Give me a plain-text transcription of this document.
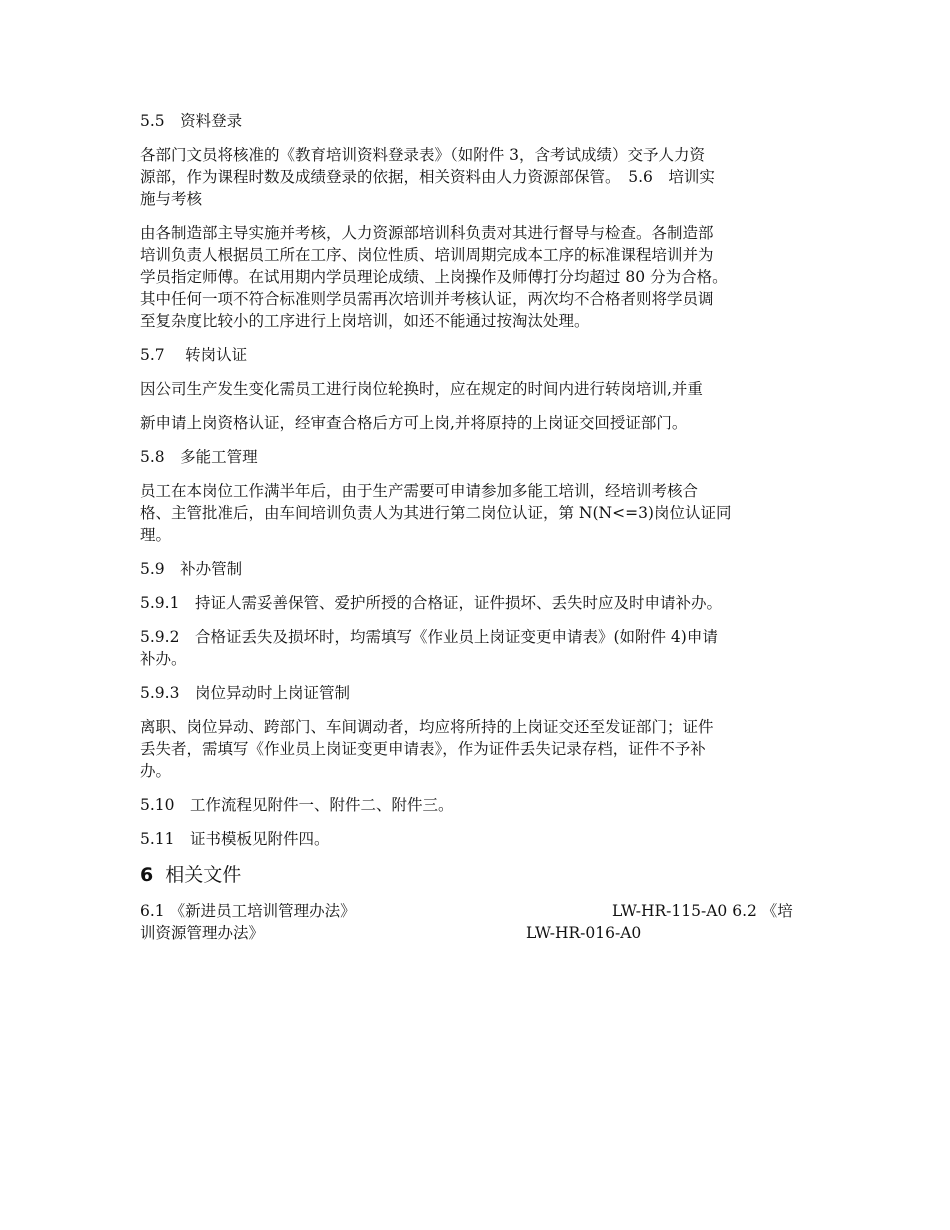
5.5　资料登录
各部门文员将核准的《教育培训资料登录表》（如附件 3，含考试成绩）交予人力资
源部，作为课程时数及成绩登录的依据，相关资料由人力资源部保管。　5.6　培训实
施与考核
由各制造部主导实施并考核，人力资源部培训科负责对其进行督导与检查。各制造部
培训负责人根据员工所在工序、岗位性质、培训周期完成本工序的标准课程培训并为
学员指定师傅。在试用期内学员理论成绩、上岗操作及师傅打分均超过 80 分为合格。
其中任何一项不符合标准则学员需再次培训并考核认证，两次均不合格者则将学员调
至复杂度比较小的工序进行上岗培训，如还不能通过按淘汰处理。
5.7　 转岗认证
因公司生产发生变化需员工进行岗位轮换时，应在规定的时间内进行转岗培训,并重
新申请上岗资格认证，经审查合格后方可上岗,并将原持的上岗证交回授证部门。
5.8　多能工管理
员工在本岗位工作满半年后，由于生产需要可申请参加多能工培训，经培训考核合
格、主管批准后，由车间培训负责人为其进行第二岗位认证，第 N(N<=3)岗位认证同
理。
5.9　补办管制
5.9.1　持证人需妥善保管、爱护所授的合格证，证件损坏、丢失时应及时申请补办。
5.9.2　合格证丢失及损坏时，均需填写《作业员上岗证变更申请表》(如附件 4)申请
补办。
5.9.3　岗位异动时上岗证管制
离职、岗位异动、跨部门、车间调动者，均应将所持的上岗证交还至发证部门；证件
丢失者，需填写《作业员上岗证变更申请表》，作为证件丢失记录存档，证件不予补
办。
5.10　工作流程见附件一、附件二、附件三。
5.11　证书模板见附件四。
6 相关文件
6.1 《新进员工培训管理办法》	LW-HR-115-A0 6.2 《培
训资源管理办法》	LW-HR-016-A0
